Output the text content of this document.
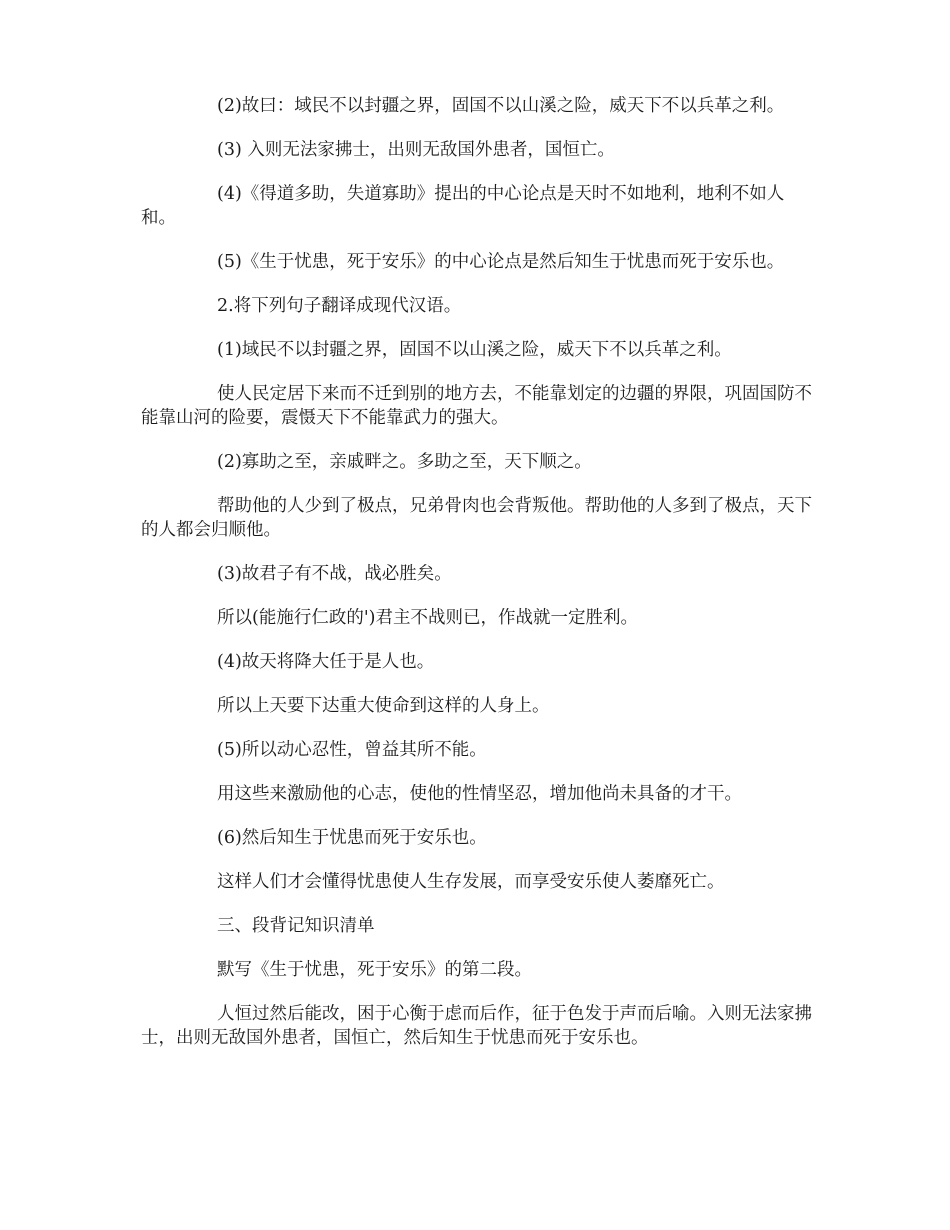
(2)故曰：域民不以封疆之界，固国不以山溪之险，威天下不以兵革之利。

(3) 入则无法家拂士，出则无敌国外患者，国恒亡。

(4)《得道多助，失道寡助》提出的中心论点是天时不如地利，地利不如人和。

(5)《生于忧患，死于安乐》的中心论点是然后知生于忧患而死于安乐也。

2.将下列句子翻译成现代汉语。

(1)域民不以封疆之界，固国不以山溪之险，威天下不以兵革之利。

使人民定居下来而不迁到别的地方去，不能靠划定的边疆的界限，巩固国防不能靠山河的险要，震慑天下不能靠武力的强大。

(2)寡助之至，亲戚畔之。多助之至，天下顺之。

帮助他的人少到了极点，兄弟骨肉也会背叛他。帮助他的人多到了极点，天下的人都会归顺他。

(3)故君子有不战，战必胜矣。

所以(能施行仁政的')君主不战则已，作战就一定胜利。

(4)故天将降大任于是人也。

所以上天要下达重大使命到这样的人身上。

(5)所以动心忍性，曾益其所不能。

用这些来激励他的心志，使他的性情坚忍，增加他尚未具备的才干。

(6)然后知生于忧患而死于安乐也。

这样人们才会懂得忧患使人生存发展，而享受安乐使人萎靡死亡。

三、段背记知识清单

默写《生于忧患，死于安乐》的第二段。

人恒过然后能改，困于心衡于虑而后作，征于色发于声而后喻。入则无法家拂士，出则无敌国外患者，国恒亡，然后知生于忧患而死于安乐也。
